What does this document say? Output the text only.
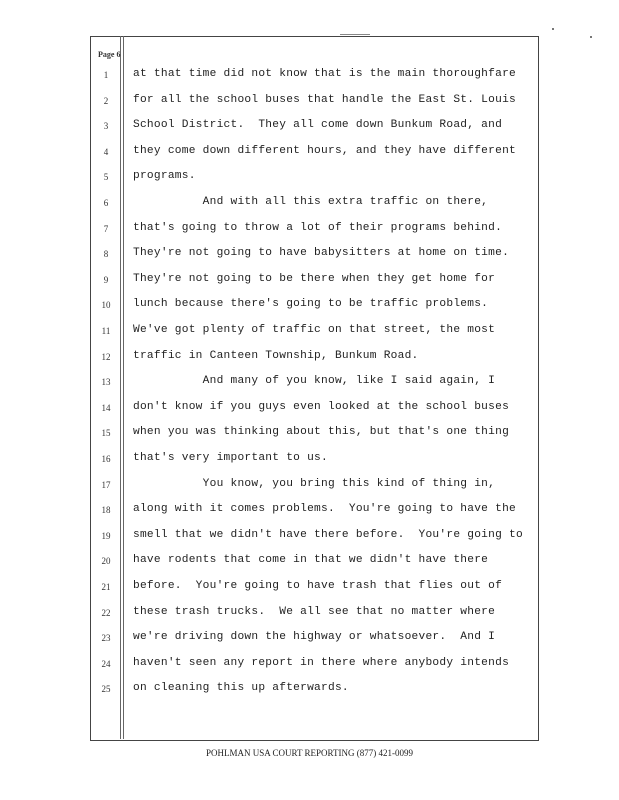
Page 6
1	at that time did not know that is the main thoroughfare
2	for all the school buses that handle the East St. Louis
3	School District.  They all come down Bunkum Road, and
4	they come down different hours, and they have different
5	programs.
6	And with all this extra traffic on there,
7	that's going to throw a lot of their programs behind.
8	They're not going to have babysitters at home on time.
9	They're not going to be there when they get home for
10	lunch because there's going to be traffic problems.
11	We've got plenty of traffic on that street, the most
12	traffic in Canteen Township, Bunkum Road.
13	And many of you know, like I said again, I
14	don't know if you guys even looked at the school buses
15	when you was thinking about this, but that's one thing
16	that's very important to us.
17	You know, you bring this kind of thing in,
18	along with it comes problems.  You're going to have the
19	smell that we didn't have there before.  You're going to
20	have rodents that come in that we didn't have there
21	before.  You're going to have trash that flies out of
22	these trash trucks.  We all see that no matter where
23	we're driving down the highway or whatsoever.  And I
24	haven't seen any report in there where anybody intends
25	on cleaning this up afterwards.
POHLMAN USA COURT REPORTING (877) 421-0099
